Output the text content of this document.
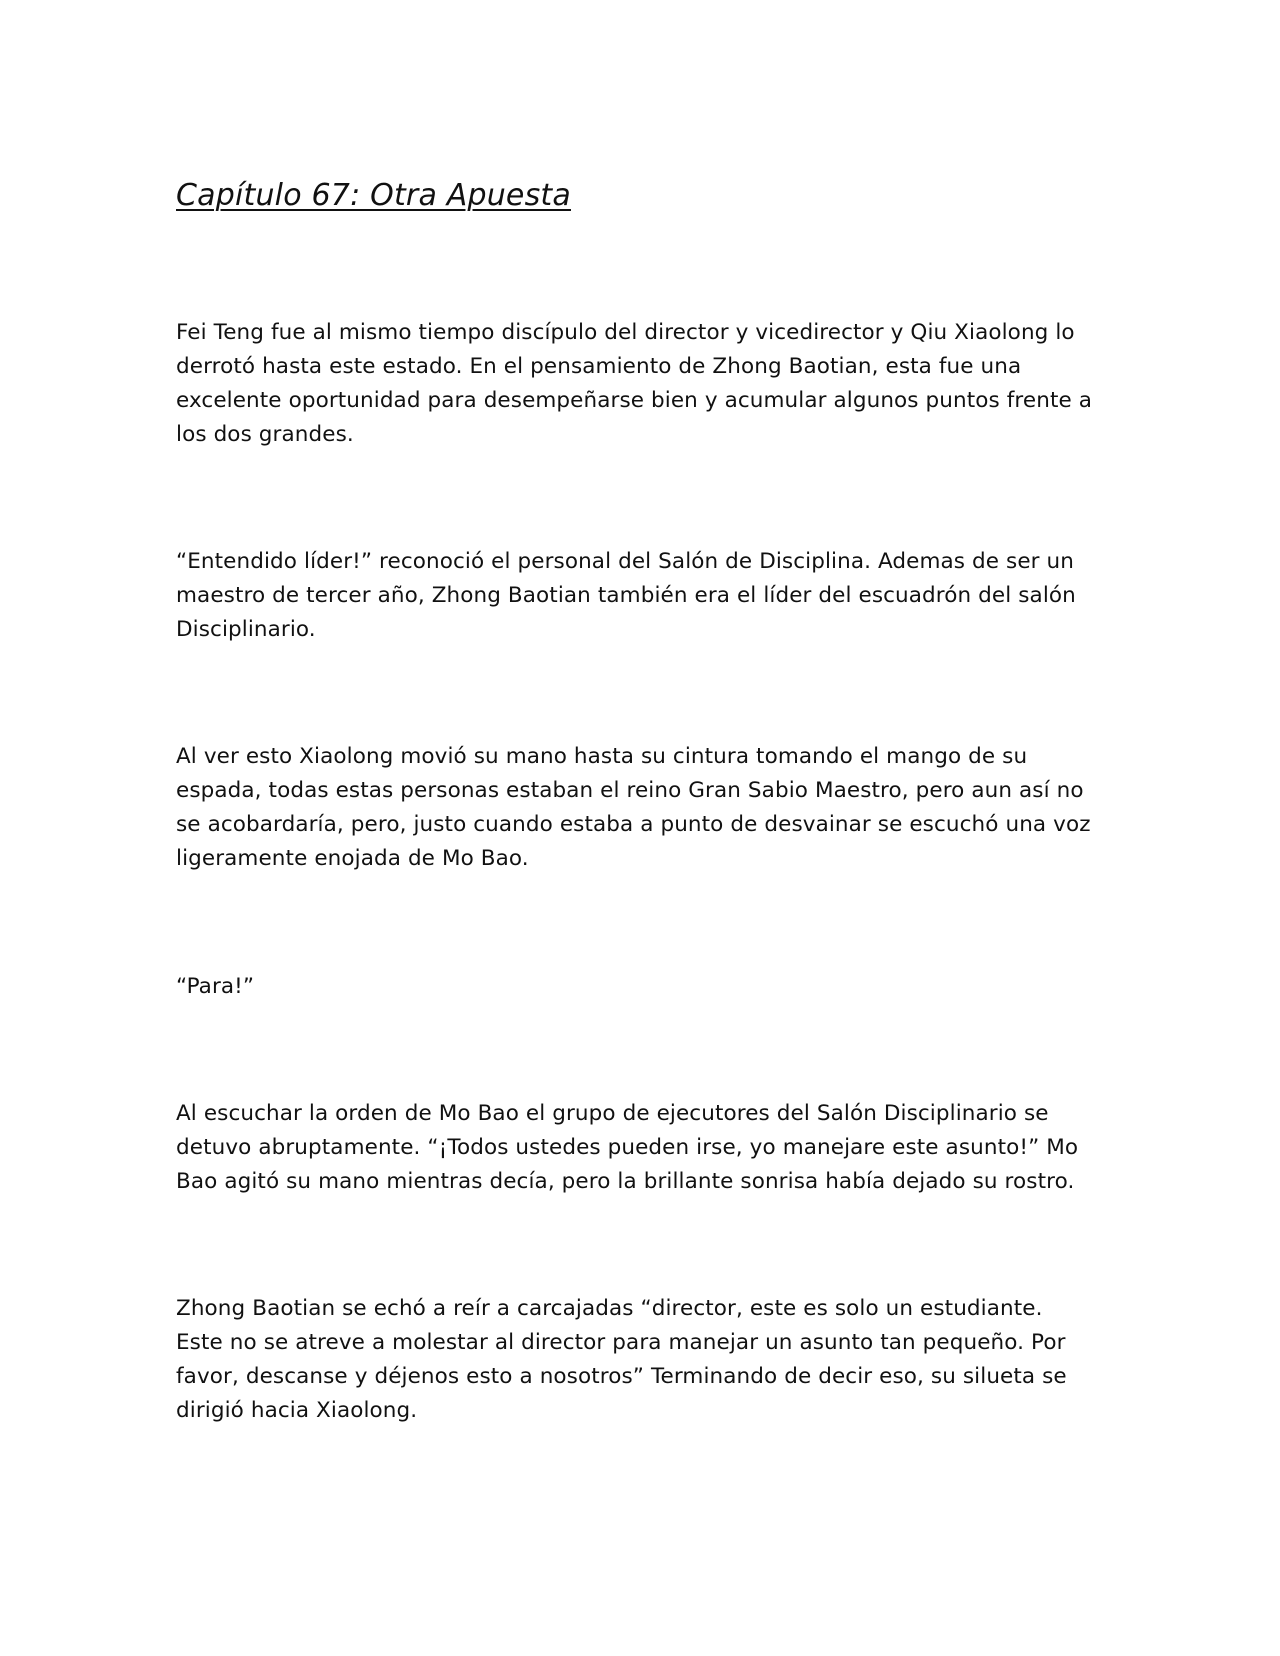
Capítulo 67: Otra Apuesta

Fei Teng fue al mismo tiempo discípulo del director y vicedirector y Qiu Xiaolong lo derrotó hasta este estado. En el pensamiento de Zhong Baotian, esta fue una excelente oportunidad para desempeñarse bien y acumular algunos puntos frente a los dos grandes.

“Entendido líder!” reconoció el personal del Salón de Disciplina. Ademas de ser un maestro de tercer año, Zhong Baotian también era el líder del escuadrón del salón Disciplinario.

Al ver esto Xiaolong movió su mano hasta su cintura tomando el mango de su espada, todas estas personas estaban el reino Gran Sabio Maestro, pero aun así no se acobardaría, pero, justo cuando estaba a punto de desvainar se escuchó una voz ligeramente enojada de Mo Bao.

“Para!”

Al escuchar la orden de Mo Bao el grupo de ejecutores del Salón Disciplinario se detuvo abruptamente. “¡Todos ustedes pueden irse, yo manejare este asunto!” Mo Bao agitó su mano mientras decía, pero la brillante sonrisa había dejado su rostro.

Zhong Baotian se echó a reír a carcajadas “director, este es solo un estudiante. Este no se atreve a molestar al director para manejar un asunto tan pequeño. Por favor, descanse y déjenos esto a nosotros” Terminando de decir eso, su silueta se dirigió hacia Xiaolong.
